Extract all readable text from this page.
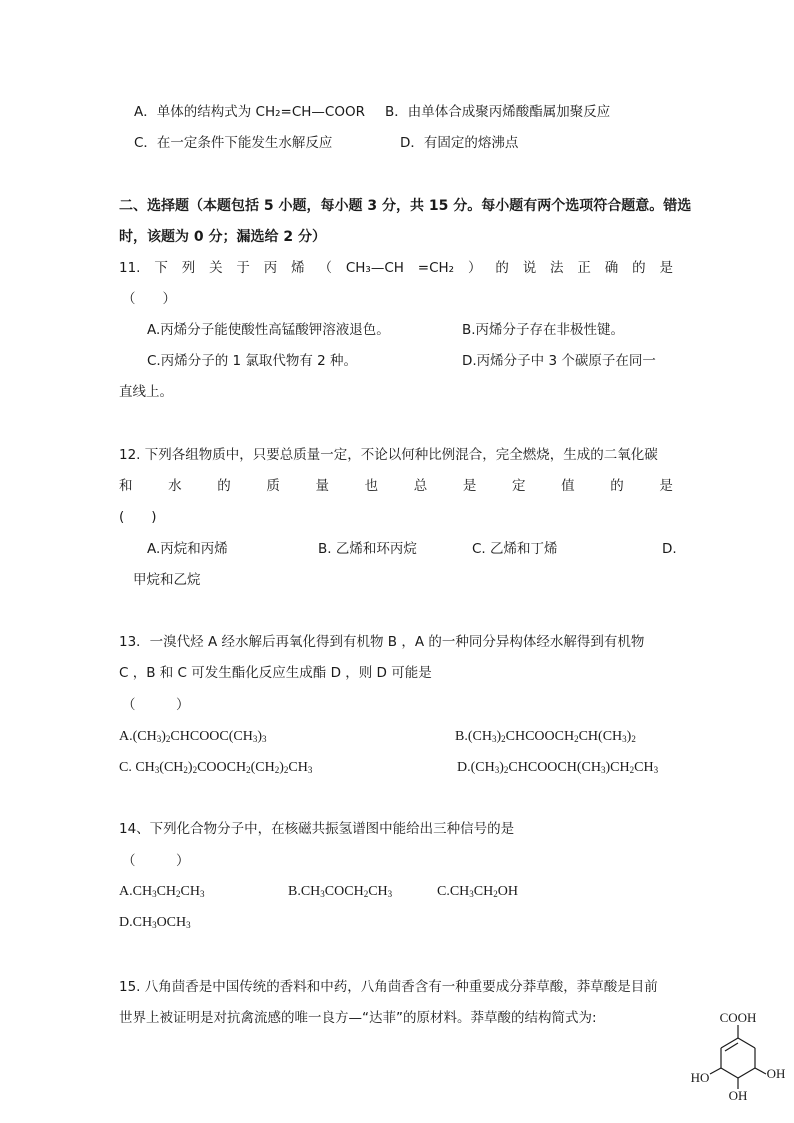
A．单体的结构式为 CH₂=CH—COOR B．由单体合成聚丙烯酸酯属加聚反应
C．在一定条件下能发生水解反应	D．有固定的熔沸点
二、选择题（本题包括 5 小题，每小题 3 分，共 15 分。每小题有两个选项符合题意。错选
时，该题为 0 分；漏选给 2 分）
11. 下 列 关 于 丙 烯 （ CH₃—CH =CH₂ ） 的 说 法 正 确 的 是
（　　）
A.丙烯分子能使酸性高锰酸钾溶液退色。	B.丙烯分子存在非极性键。
C.丙烯分子的 1 氯取代物有 2 种。	D.丙烯分子中 3 个碳原子在同一
直线上。
12. 下列各组物质中，只要总质量一定，不论以何种比例混合，完全燃烧，生成的二氧化碳
和	水	的	质	量	也	总	是	定	值	的	是
(　　)
A.丙烷和丙烯	B. 乙烯和环丙烷	C. 乙烯和丁烯	D.
甲烷和乙烷
13．一溴代烃 A 经水解后再氧化得到有机物 B ，A 的一种同分异构体经水解得到有机物
C ，B 和 C 可发生酯化反应生成酯 D ，则 D 可能是
（　　　）
$A.(CH_3)_2CHCOOC(CH_3)_3$	$B.(CH_3)_2CHCOOCH_2CH(CH_3)_2$
C. $CH_3(CH_2)_2COOCH_2(CH_2)_2CH_3$	$D.(CH_3)_2CHCOOCH(CH_3)CH_2CH_3$
14、下列化合物分子中，在核磁共振氢谱图中能给出三种信号的是
（　　　）
$A.CH_3CH_2CH_3$	$B.CH_3COCH_2CH_3$	$C.CH_3CH_2OH$
$D.CH_3OCH_3$
15. 八角茴香是中国传统的香料和中药，八角茴香含有一种重要成分莽草酸，莽草酸是目前
世界上被证明是对抗禽流感的唯一良方—“达菲”的原材料。莽草酸的结构简式为:	COOH
HO	OH
OH
